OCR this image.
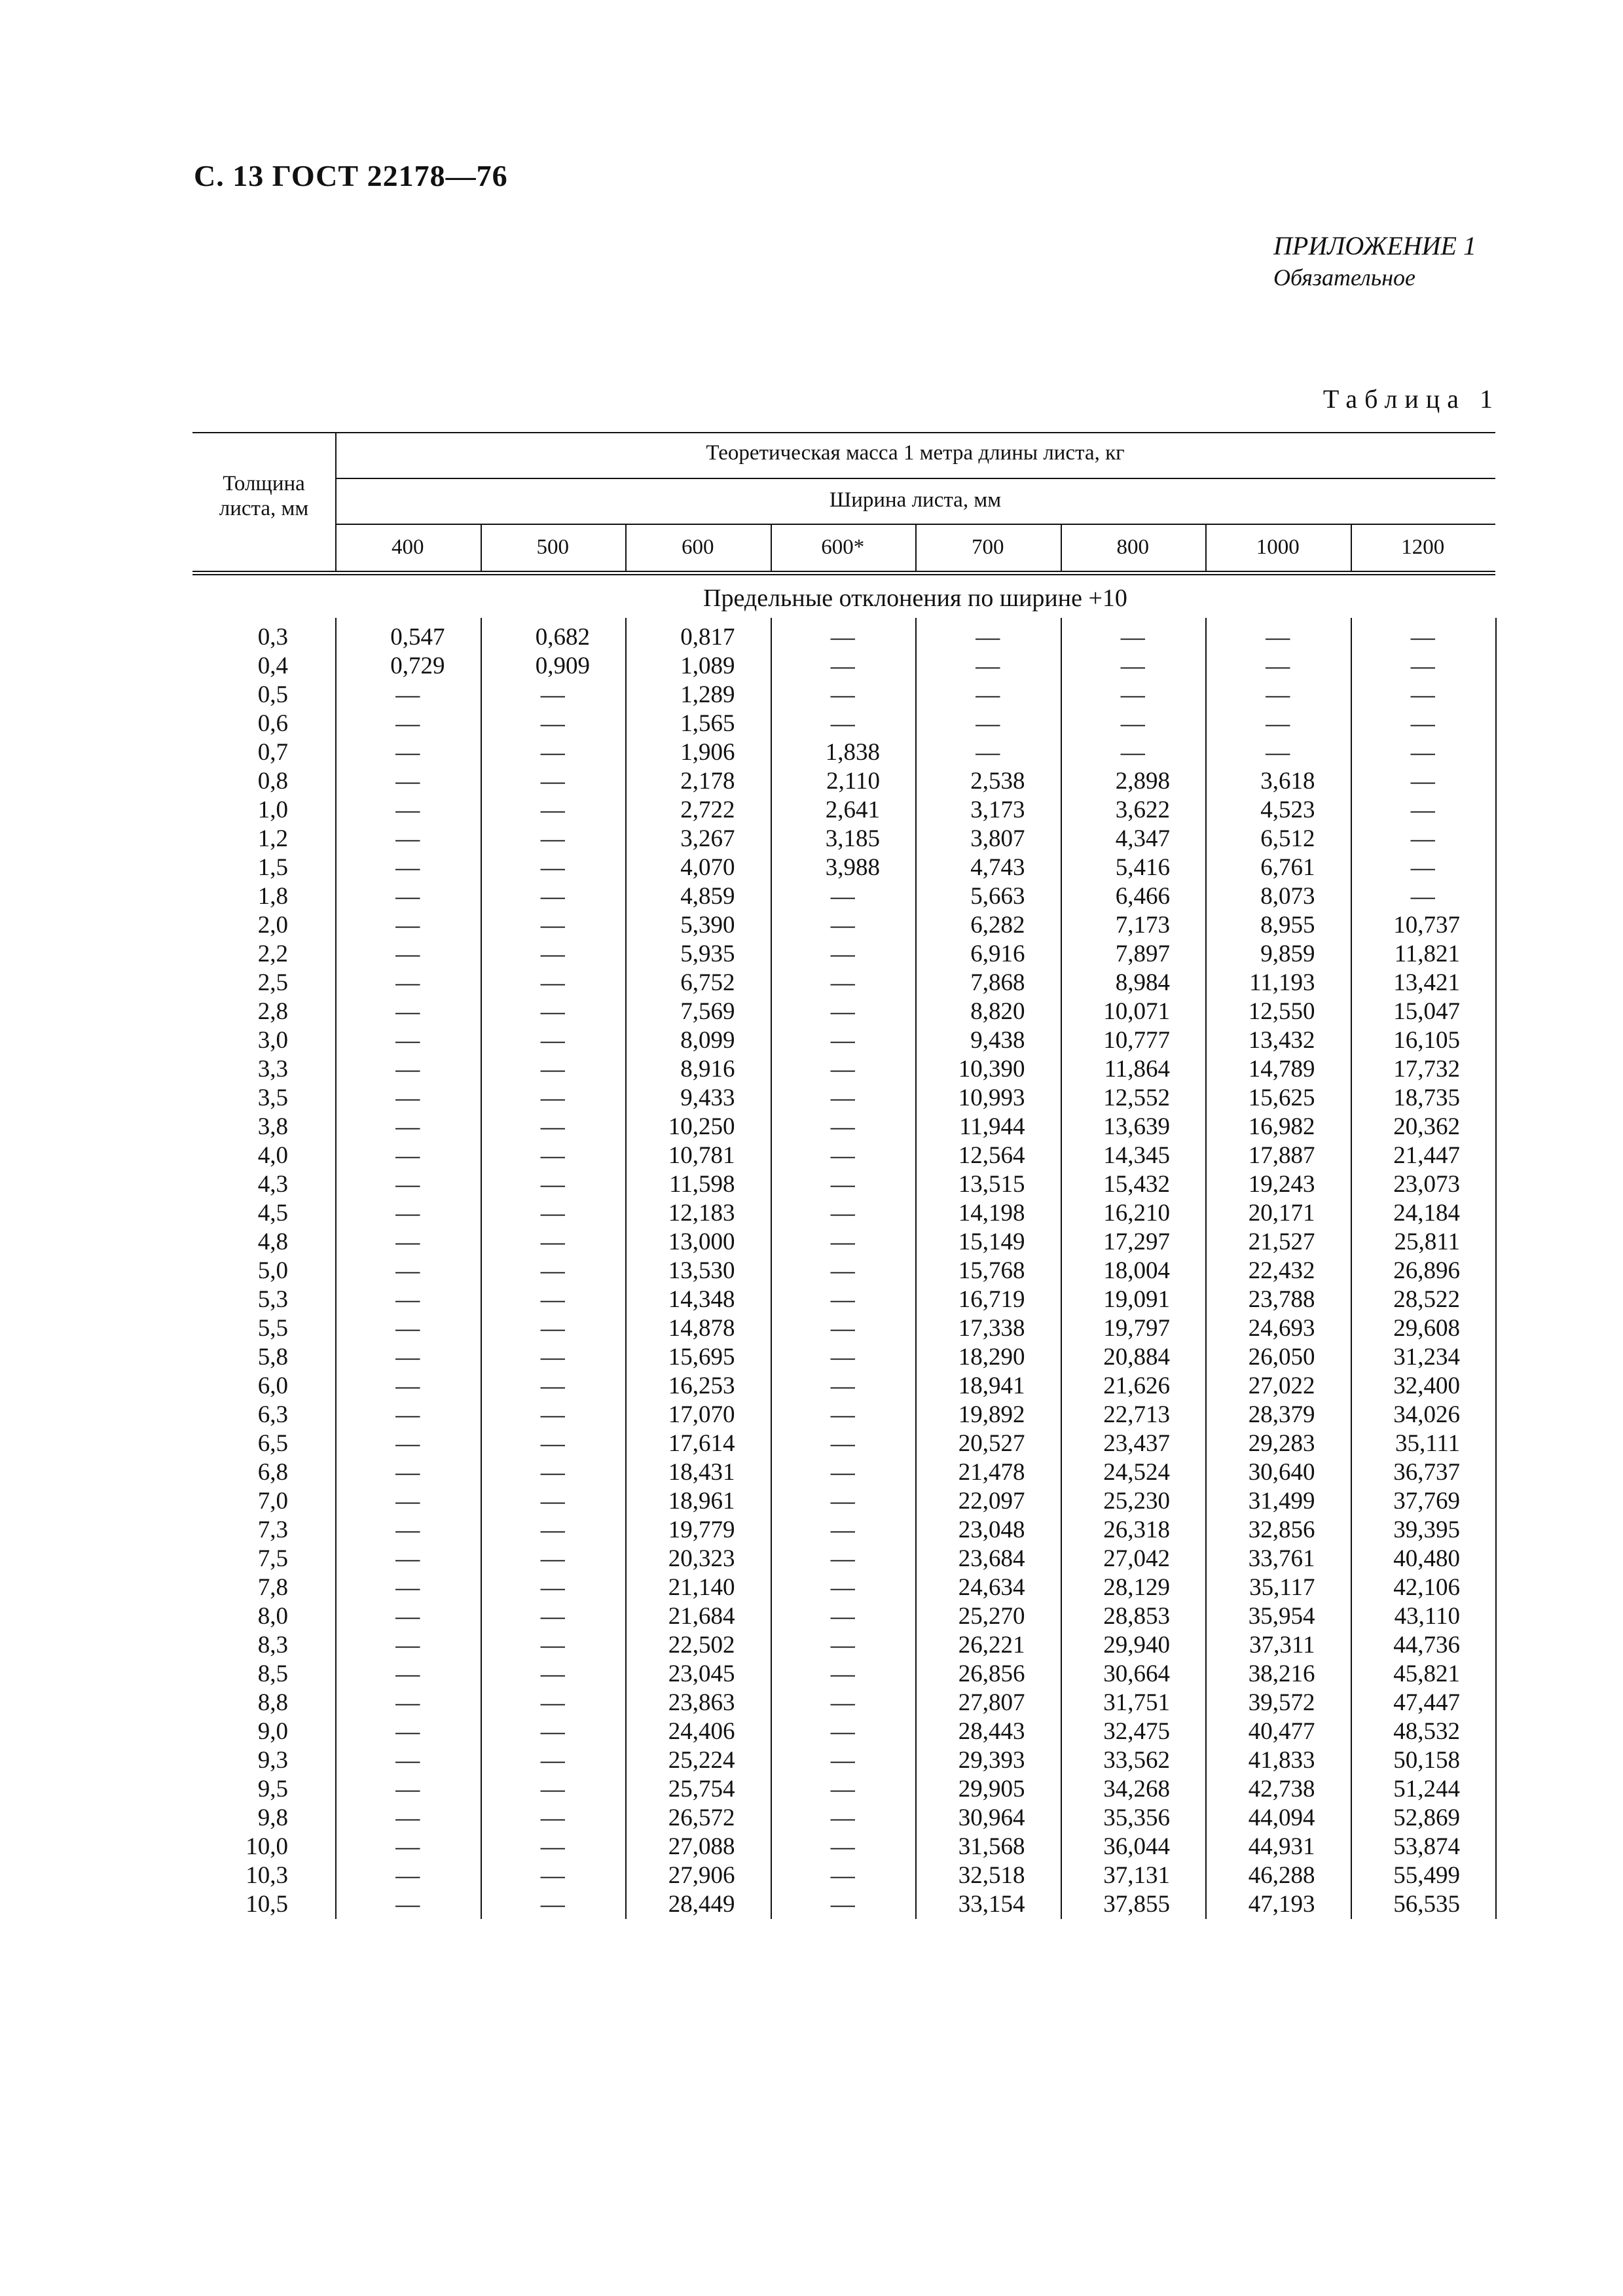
С. 13 ГОСТ 22178—76
ПРИЛОЖЕНИЕ 1
Обязательное
Таблица 1
Толщина листа, мм
Теоретическая масса 1 метра длины листа, кг
Ширина листа, мм
400	500	600	600*	700	800	1000	1200
Предельные отклонения по ширине +10
0,3	0,547	0,682	0,817	—	—	—	—	—
0,4	0,729	0,909	1,089	—	—	—	—	—
0,5	—	—	1,289	—	—	—	—	—
0,6	—	—	1,565	—	—	—	—	—
0,7	—	—	1,906	1,838	—	—	—	—
0,8	—	—	2,178	2,110	2,538	2,898	3,618	—
1,0	—	—	2,722	2,641	3,173	3,622	4,523	—
1,2	—	—	3,267	3,185	3,807	4,347	6,512	—
1,5	—	—	4,070	3,988	4,743	5,416	6,761	—
1,8	—	—	4,859	—	5,663	6,466	8,073	—
2,0	—	—	5,390	—	6,282	7,173	8,955	10,737
2,2	—	—	5,935	—	6,916	7,897	9,859	11,821
2,5	—	—	6,752	—	7,868	8,984	11,193	13,421
2,8	—	—	7,569	—	8,820	10,071	12,550	15,047
3,0	—	—	8,099	—	9,438	10,777	13,432	16,105
3,3	—	—	8,916	—	10,390	11,864	14,789	17,732
3,5	—	—	9,433	—	10,993	12,552	15,625	18,735
3,8	—	—	10,250	—	11,944	13,639	16,982	20,362
4,0	—	—	10,781	—	12,564	14,345	17,887	21,447
4,3	—	—	11,598	—	13,515	15,432	19,243	23,073
4,5	—	—	12,183	—	14,198	16,210	20,171	24,184
4,8	—	—	13,000	—	15,149	17,297	21,527	25,811
5,0	—	—	13,530	—	15,768	18,004	22,432	26,896
5,3	—	—	14,348	—	16,719	19,091	23,788	28,522
5,5	—	—	14,878	—	17,338	19,797	24,693	29,608
5,8	—	—	15,695	—	18,290	20,884	26,050	31,234
6,0	—	—	16,253	—	18,941	21,626	27,022	32,400
6,3	—	—	17,070	—	19,892	22,713	28,379	34,026
6,5	—	—	17,614	—	20,527	23,437	29,283	35,111
6,8	—	—	18,431	—	21,478	24,524	30,640	36,737
7,0	—	—	18,961	—	22,097	25,230	31,499	37,769
7,3	—	—	19,779	—	23,048	26,318	32,856	39,395
7,5	—	—	20,323	—	23,684	27,042	33,761	40,480
7,8	—	—	21,140	—	24,634	28,129	35,117	42,106
8,0	—	—	21,684	—	25,270	28,853	35,954	43,110
8,3	—	—	22,502	—	26,221	29,940	37,311	44,736
8,5	—	—	23,045	—	26,856	30,664	38,216	45,821
8,8	—	—	23,863	—	27,807	31,751	39,572	47,447
9,0	—	—	24,406	—	28,443	32,475	40,477	48,532
9,3	—	—	25,224	—	29,393	33,562	41,833	50,158
9,5	—	—	25,754	—	29,905	34,268	42,738	51,244
9,8	—	—	26,572	—	30,964	35,356	44,094	52,869
10,0	—	—	27,088	—	31,568	36,044	44,931	53,874
10,3	—	—	27,906	—	32,518	37,131	46,288	55,499
10,5	—	—	28,449	—	33,154	37,855	47,193	56,535
